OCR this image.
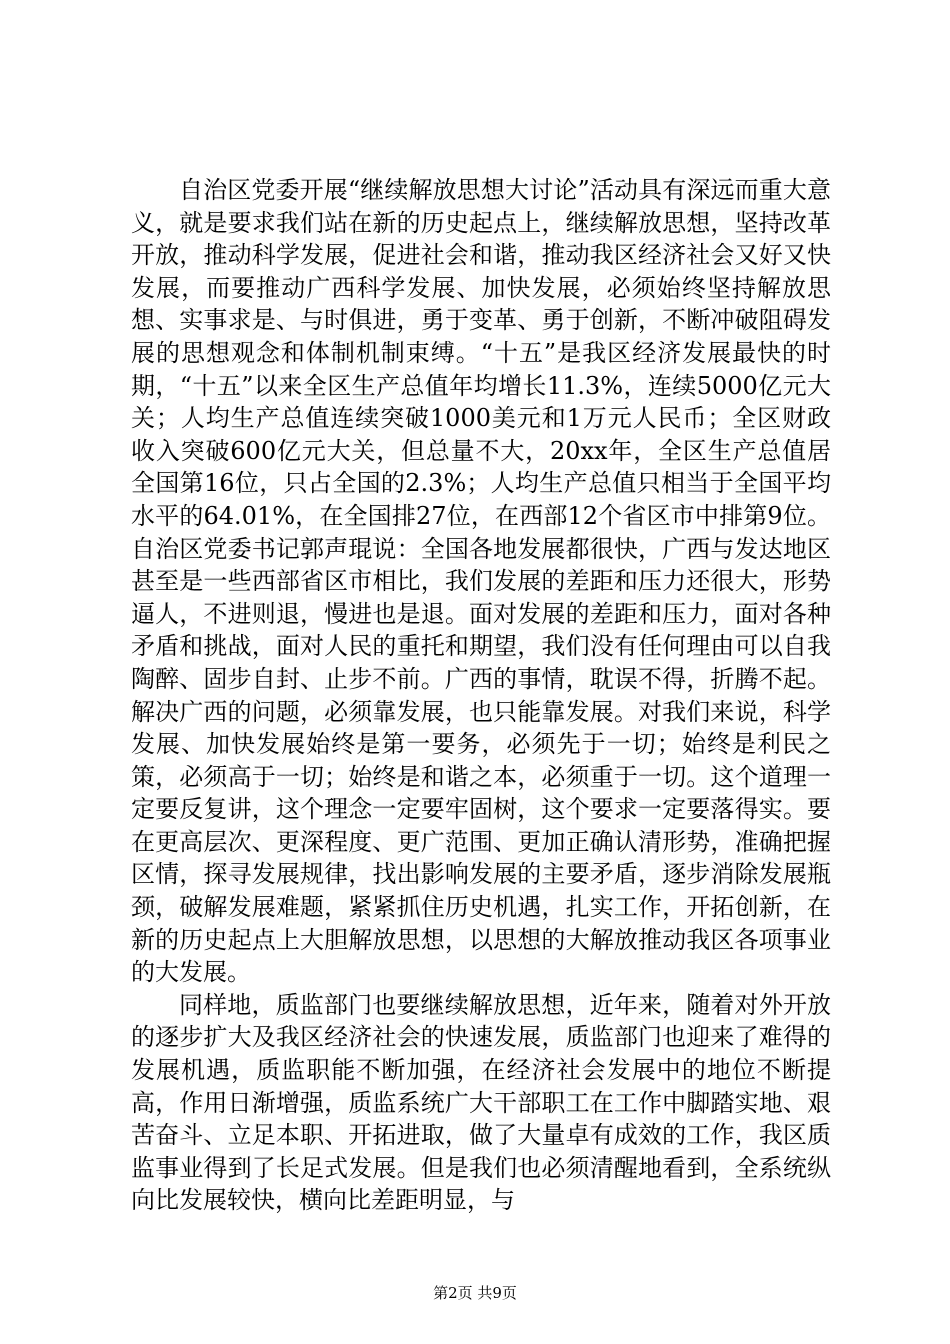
自治区党委开展“继续解放思想大讨论”活动具有深远而重大意义，就是要求我们站在新的历史起点上，继续解放思想，坚持改革开放，推动科学发展，促进社会和谐，推动我区经济社会又好又快发展，而要推动广西科学发展、加快发展，必须始终坚持解放思想、实事求是、与时俱进，勇于变革、勇于创新，不断冲破阻碍发展的思想观念和体制机制束缚。“十五”是我区经济发展最快的时期，“十五”以来全区生产总值年均增长11.3%，连续5000亿元大关；人均生产总值连续突破1000美元和1万元人民币；全区财政收入突破600亿元大关，但总量不大，20xx年，全区生产总值居全国第16位，只占全国的2.3%；人均生产总值只相当于全国平均水平的64.01%，在全国排27位，在西部12个省区市中排第9位。自治区党委书记郭声琨说：全国各地发展都很快，广西与发达地区甚至是一些西部省区市相比，我们发展的差距和压力还很大，形势逼人，不进则退，慢进也是退。面对发展的差距和压力，面对各种矛盾和挑战，面对人民的重托和期望，我们没有任何理由可以自我陶醉、固步自封、止步不前。广西的事情，耽误不得，折腾不起。解决广西的问题，必须靠发展，也只能靠发展。对我们来说，科学发展、加快发展始终是第一要务，必须先于一切；始终是利民之策，必须高于一切；始终是和谐之本，必须重于一切。这个道理一定要反复讲，这个理念一定要牢固树，这个要求一定要落得实。要在更高层次、更深程度、更广范围、更加正确认清形势，准确把握区情，探寻发展规律，找出影响发展的主要矛盾，逐步消除发展瓶颈，破解发展难题，紧紧抓住历史机遇，扎实工作，开拓创新，在新的历史起点上大胆解放思想，以思想的大解放推动我区各项事业的大发展。

同样地，质监部门也要继续解放思想，近年来，随着对外开放的逐步扩大及我区经济社会的快速发展，质监部门也迎来了难得的发展机遇，质监职能不断加强，在经济社会发展中的地位不断提高，作用日渐增强，质监系统广大干部职工在工作中脚踏实地、艰苦奋斗、立足本职、开拓进取，做了大量卓有成效的工作，我区质监事业得到了长足式发展。但是我们也必须清醒地看到，全系统纵向比发展较快，横向比差距明显，与

第2页 共9页
